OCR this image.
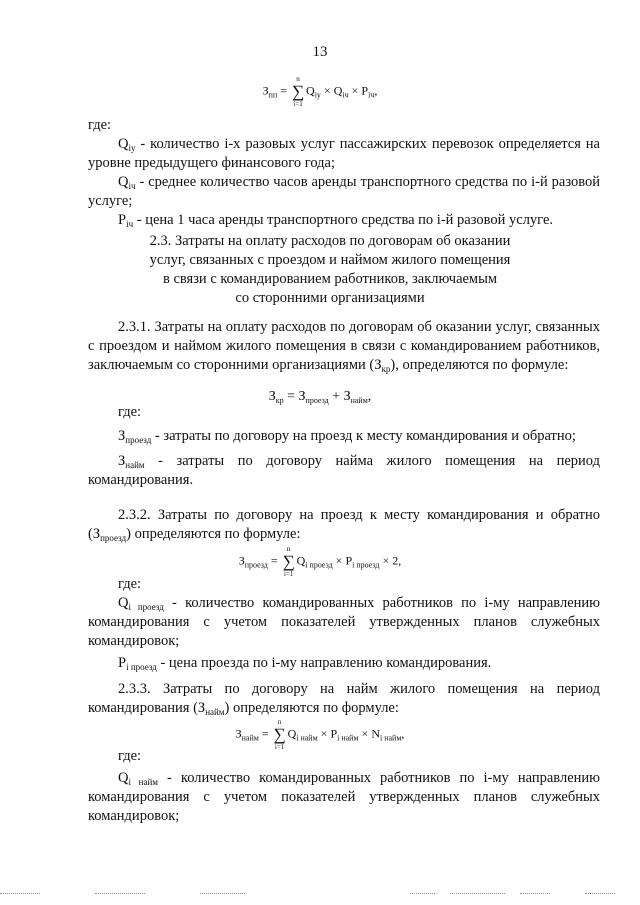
13
$З_{пп}$ =
n
∑
i=1
$Q_{iу} \times Q_{iч} \times P_{iч}$,
где:
$Q_{iу}$ - количество i-х разовых услуг пассажирских перевозок определяется на уровне предыдущего финансового года;
$Q_{iч}$ - среднее количество часов аренды транспортного средства по i-й разовой услуге;
$P_{iч}$ - цена 1 часа аренды транспортного средства по i-й разовой услуге.
2.3. Затраты на оплату расходов по договорам об оказании
услуг, связанных с проездом и наймом жилого помещения
в связи с командированием работников, заключаемым
со сторонними организациями
2.3.1. Затраты на оплату расходов по договорам об оказании услуг, связанных с проездом и наймом жилого помещения в связи с командированием работников, заключаемым со сторонними организациями $(З_{кр})$, определяются по формуле:
$З_{кр} = З_{проезд} + З_{найм}$,
где:
$З_{проезд}$ - затраты по договору на проезд к месту командирования и обратно;
$З_{найм}$ - затраты по договору найма жилого помещения на период командирования.
2.3.2. Затраты по договору на проезд к месту командирования и обратно $(З_{проезд})$ определяются по формуле:
$З_{проезд}$ =
n
∑
i=1
$Q_{i проезд} \times P_{i проезд} \times 2$,
где:
$Q_{i проезд}$ - количество командированных работников по i-му направлению командирования с учетом показателей утвержденных планов служебных командировок;
$P_{i проезд}$ - цена проезда по i-му направлению командирования.
2.3.3. Затраты по договору на найм жилого помещения на период командирования $(З_{найм})$ определяются по формуле:
$З_{найм}$ =
n
∑
i=1
$Q_{i найм} \times P_{i найм} \times N_{i найм}$,
где:
$Q_{i найм}$ - количество командированных работников по i-му направлению командирования с учетом показателей утвержденных планов служебных командировок;
